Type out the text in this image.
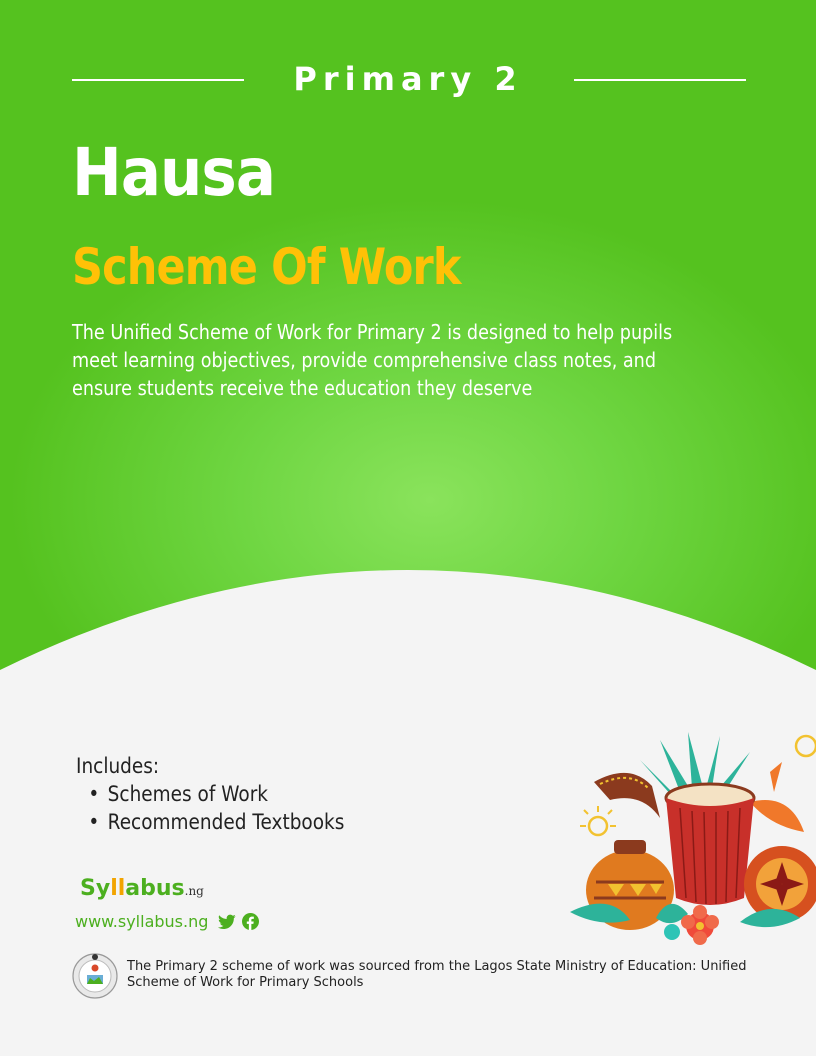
Primary 2
Hausa
Scheme Of Work

The Unified Scheme of Work for Primary 2 is designed to help pupils meet learning objectives, provide comprehensive class notes, and ensure students receive the education they deserve

Includes:
• Schemes of Work
• Recommended Textbooks
Syllabus.ng
www.syllabus.ng

The Primary 2 scheme of work was sourced from the Lagos State Ministry of Education: Unified Scheme of Work for Primary Schools
